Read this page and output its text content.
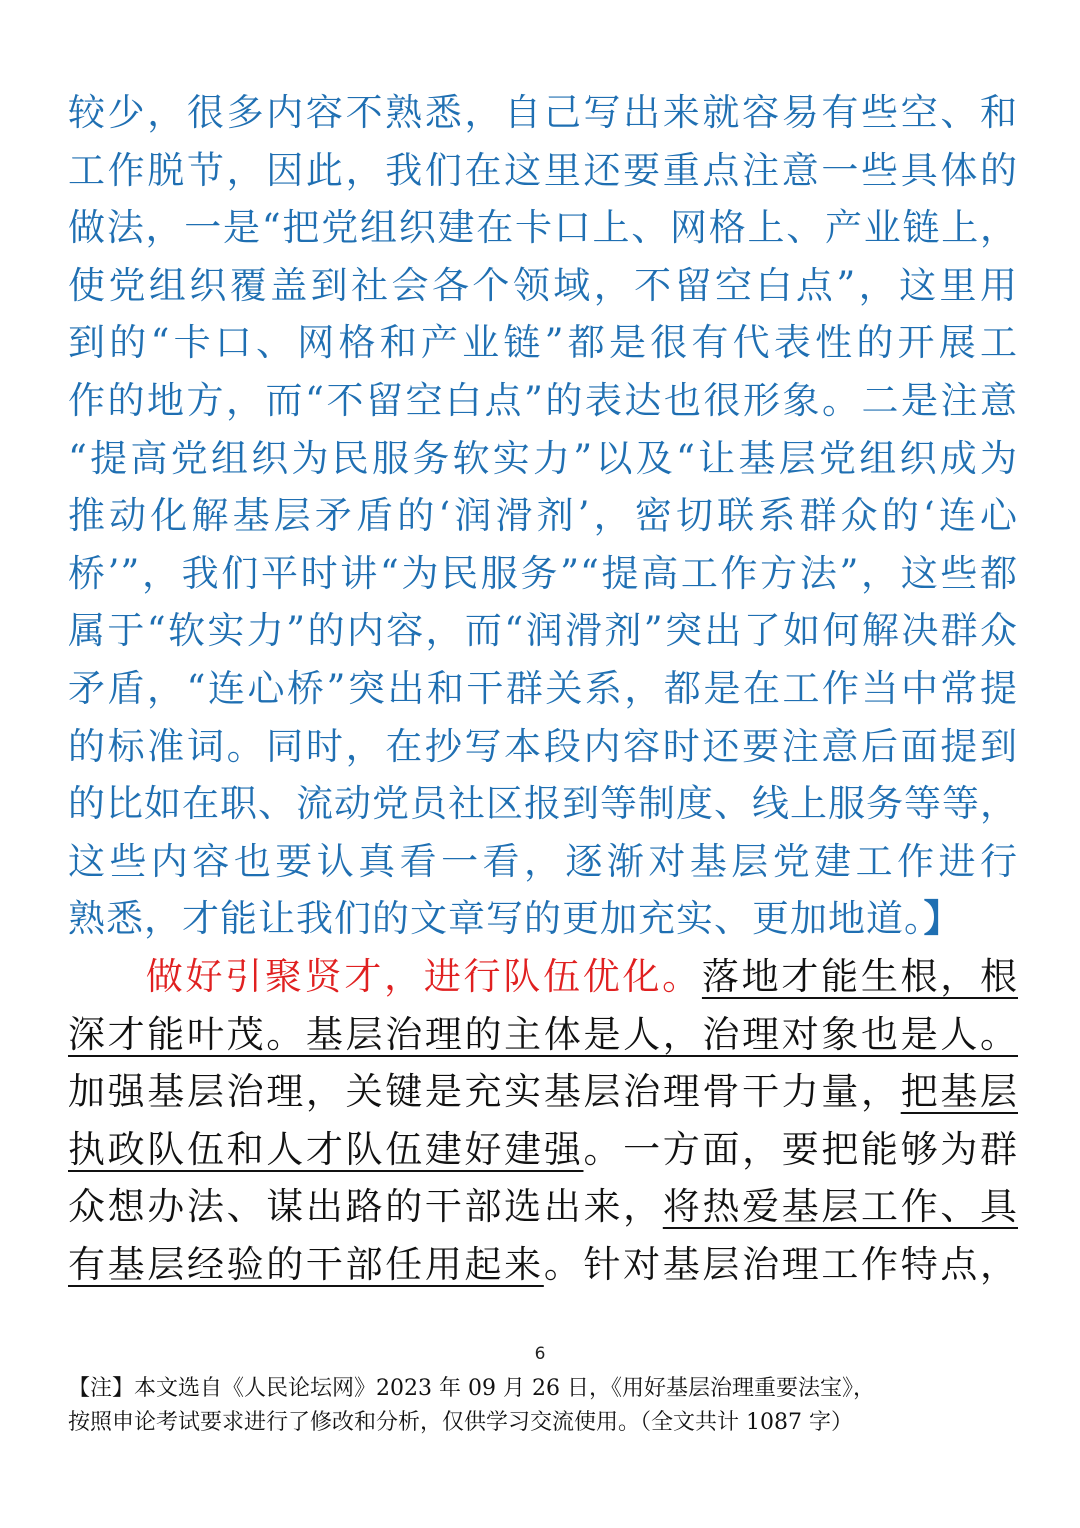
较少，很多内容不熟悉，自己写出来就容易有些空、和
工作脱节，因此，我们在这里还要重点注意一些具体的
做法，一是“把党组织建在卡口上、网格上、产业链上，
使党组织覆盖到社会各个领域，不留空白点”，这里用
到的“卡口、网格和产业链”都是很有代表性的开展工
作的地方，而“不留空白点”的表达也很形象。二是注意
“提高党组织为民服务软实力”以及“让基层党组织成为
推动化解基层矛盾的‘润滑剂’，密切联系群众的‘连心
桥’”，我们平时讲“为民服务”“提高工作方法”，这些都
属于“软实力”的内容，而“润滑剂”突出了如何解决群众
矛盾，“连心桥”突出和干群关系，都是在工作当中常提
的标准词。同时，在抄写本段内容时还要注意后面提到
的比如在职、流动党员社区报到等制度、线上服务等等，
这些内容也要认真看一看，逐渐对基层党建工作进行
熟悉，才能让我们的文章写的更加充实、更加地道。】
做好引聚贤才，进行队伍优化。落地才能生根，根
深才能叶茂。基层治理的主体是人，治理对象也是人。
加强基层治理，关键是充实基层治理骨干力量，把基层
执政队伍和人才队伍建好建强。一方面，要把能够为群
众想办法、谋出路的干部选出来，将热爱基层工作、具
有基层经验的干部任用起来。针对基层治理工作特点，
6
【注】本文选自《人民论坛网》2023 年 09 月 26 日，《用好基层治理重要法宝》，
按照申论考试要求进行了修改和分析，仅供学习交流使用。（全文共计 1087 字）
